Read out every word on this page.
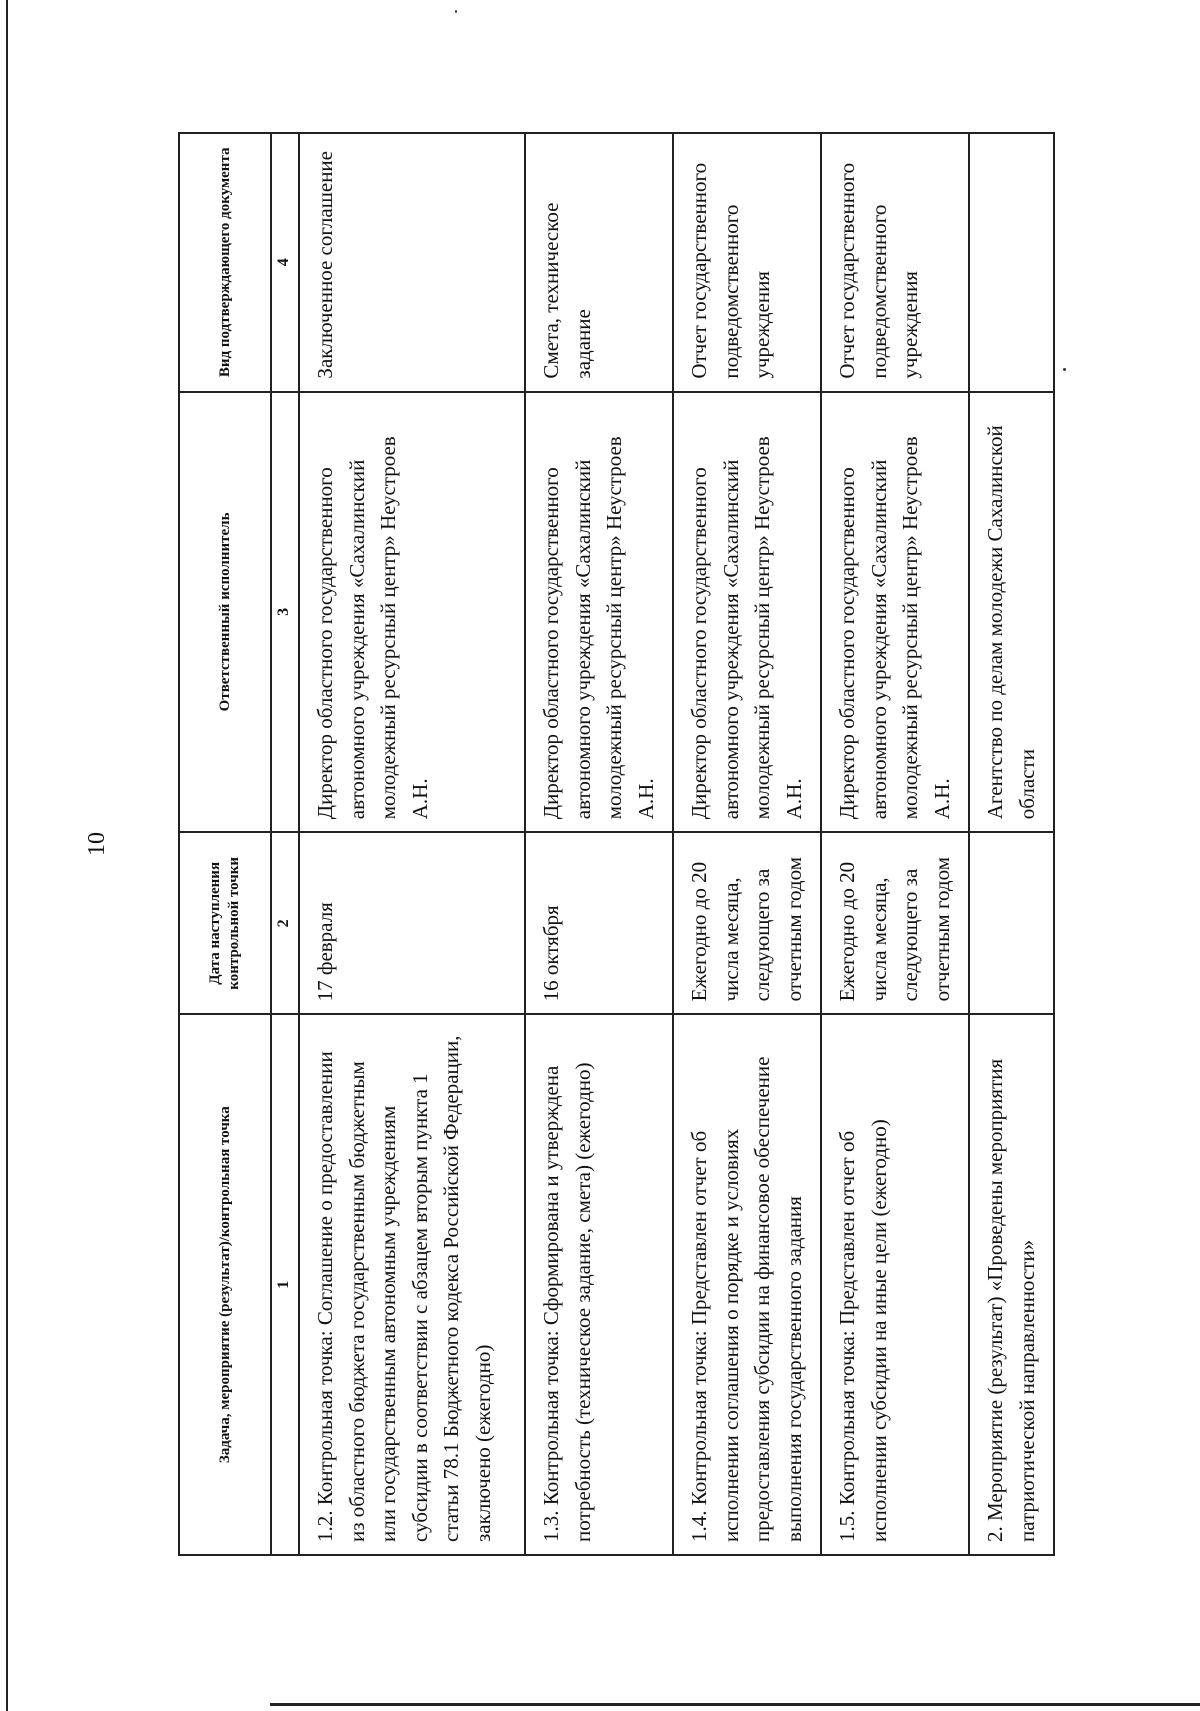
10
Задача, мероприятие (результат)/контрольная точка	Дата наступления контрольной точки	Ответственный исполнитель	Вид подтверждающего документа
1	2	3	4
1.2. Контрольная точка: Соглашение о предоставлении из областного бюджета государственным бюджетным или государственным автономным учреждениям субсидии в соответствии с абзацем вторым пункта 1 статьи 78.1 Бюджетного кодекса Российской Федерации, заключено (ежегодно)	17 февраля	Директор областного государственного автономного учреждения «Сахалинский молодежный ресурсный центр» Неустроев А.Н.	Заключенное соглашение
1.3. Контрольная точка: Сформирована и утверждена потребность (техническое задание, смета) (ежегодно)	16 октября	Директор областного государственного автономного учреждения «Сахалинский молодежный ресурсный центр» Неустроев А.Н.	Смета, техническое задание
1.4. Контрольная точка: Представлен отчет об исполнении соглашения о порядке и условиях предоставления субсидии на финансовое обеспечение выполнения государственного задания	Ежегодно до 20 числа месяца, следующего за отчетным годом	Директор областного государственного автономного учреждения «Сахалинский молодежный ресурсный центр» Неустроев А.Н.	Отчет государственного подведомственного учреждения
1.5. Контрольная точка: Представлен отчет об исполнении субсидии на иные цели (ежегодно)	Ежегодно до 20 числа месяца, следующего за отчетным годом	Директор областного государственного автономного учреждения «Сахалинский молодежный ресурсный центр» Неустроев А.Н.	Отчет государственного подведомственного учреждения
2. Мероприятие (результат) «Проведены мероприятия патриотической направленности»		Агентство по делам молодежи Сахалинской области	
